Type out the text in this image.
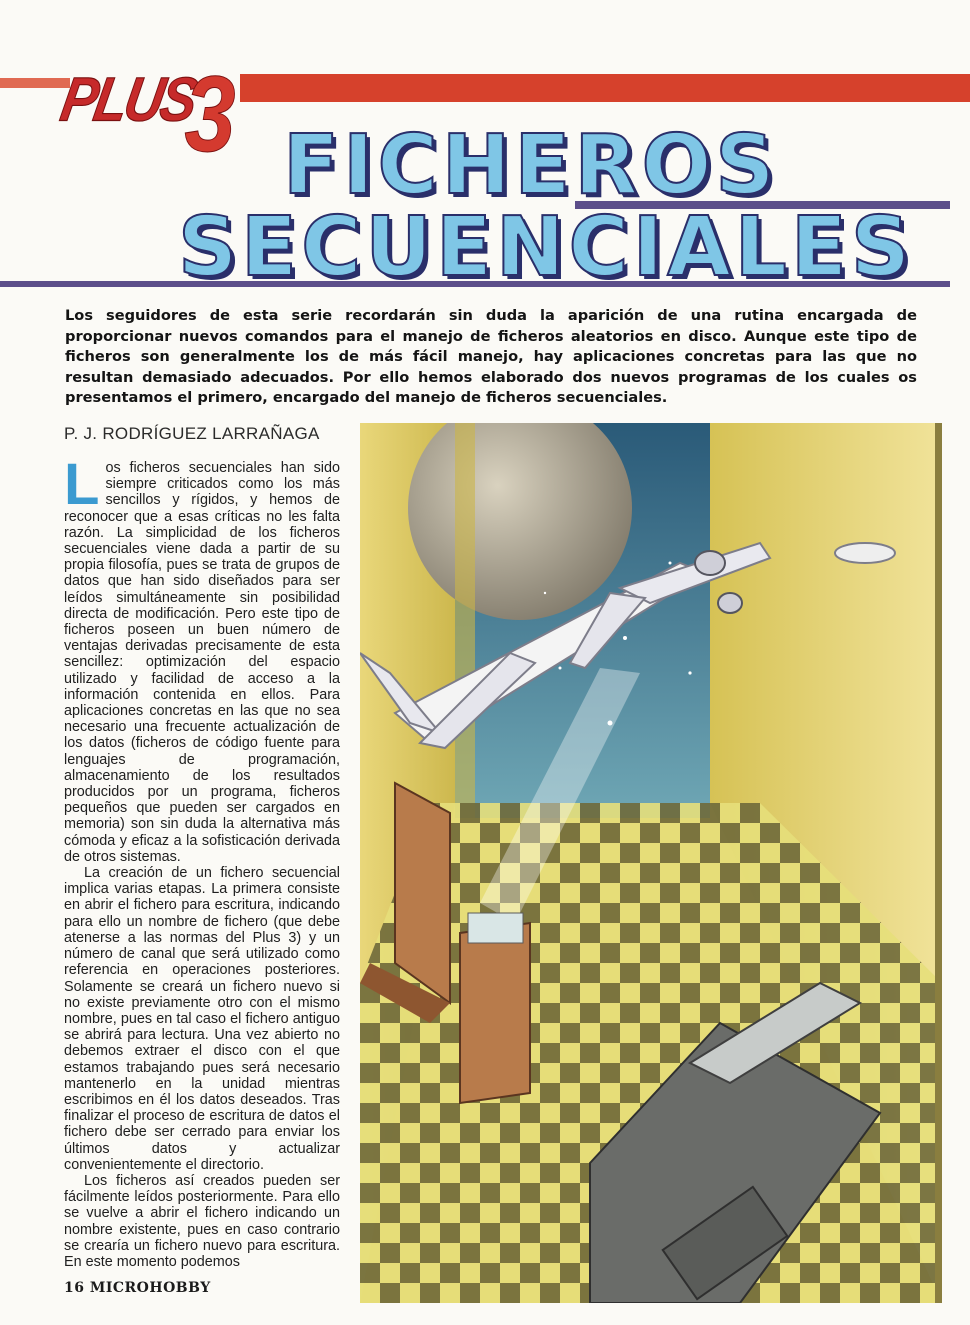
PLUS
3 FICHEROS
SECUENCIALES
Los seguidores de esta serie recordarán sin duda la aparición de una rutina encargada de proporcionar nuevos comandos para el manejo de ficheros aleatorios en disco. Aunque este tipo de ficheros son generalmente los de más fácil manejo, hay aplicaciones concretas para las que no resultan demasiado adecuados. Por ello hemos elaborado dos nuevos programas de los cuales os presentamos el primero, encargado del manejo de ficheros secuenciales.
P. J. RODRÍGUEZ LARRAÑAGA

Los ficheros secuenciales han sido siempre criticados como los más sencillos y rígidos, y hemos de reconocer que a esas críticas no les falta razón. La simplicidad de los ficheros secuenciales viene dada a partir de su propia filosofía, pues se trata de grupos de datos que han sido diseñados para ser leídos simultáneamente sin posibilidad directa de modificación. Pero este tipo de ficheros poseen un buen número de ventajas derivadas precisamente de esta sencillez: optimización del espacio utilizado y facilidad de acceso a la información contenida en ellos. Para aplicaciones concretas en las que no sea necesario una frecuente actualización de los datos (ficheros de código fuente para lenguajes de programación, almacenamiento de los resultados producidos por un programa, ficheros pequeños que pueden ser cargados en memoria) son sin duda la alternativa más cómoda y eficaz a la sofisticación derivada de otros sistemas.

La creación de un fichero secuencial implica varias etapas. La primera consiste en abrir el fichero para escritura, indicando para ello un nombre de fichero (que debe atenerse a las normas del Plus 3) y un número de canal que será utilizado como referencia en operaciones posteriores. Solamente se creará un fichero nuevo si no existe previamente otro con el mismo nombre, pues en tal caso el fichero antiguo se abrirá para lectura. Una vez abierto no debemos extraer el disco con el que estamos trabajando pues será necesario mantenerlo en la unidad mientras escribimos en él los datos deseados. Tras finalizar el proceso de escritura de datos el fichero debe ser cerrado para enviar los últimos datos y actualizar convenientemente el directorio.

Los ficheros así creados pueden ser fácilmente leídos posteriormente. Para ello se vuelve a abrir el fichero indicando un nombre existente, pues en caso contrario se crearía un fichero nuevo para escritura. En este momento podemos

16 MICROHOBBY
